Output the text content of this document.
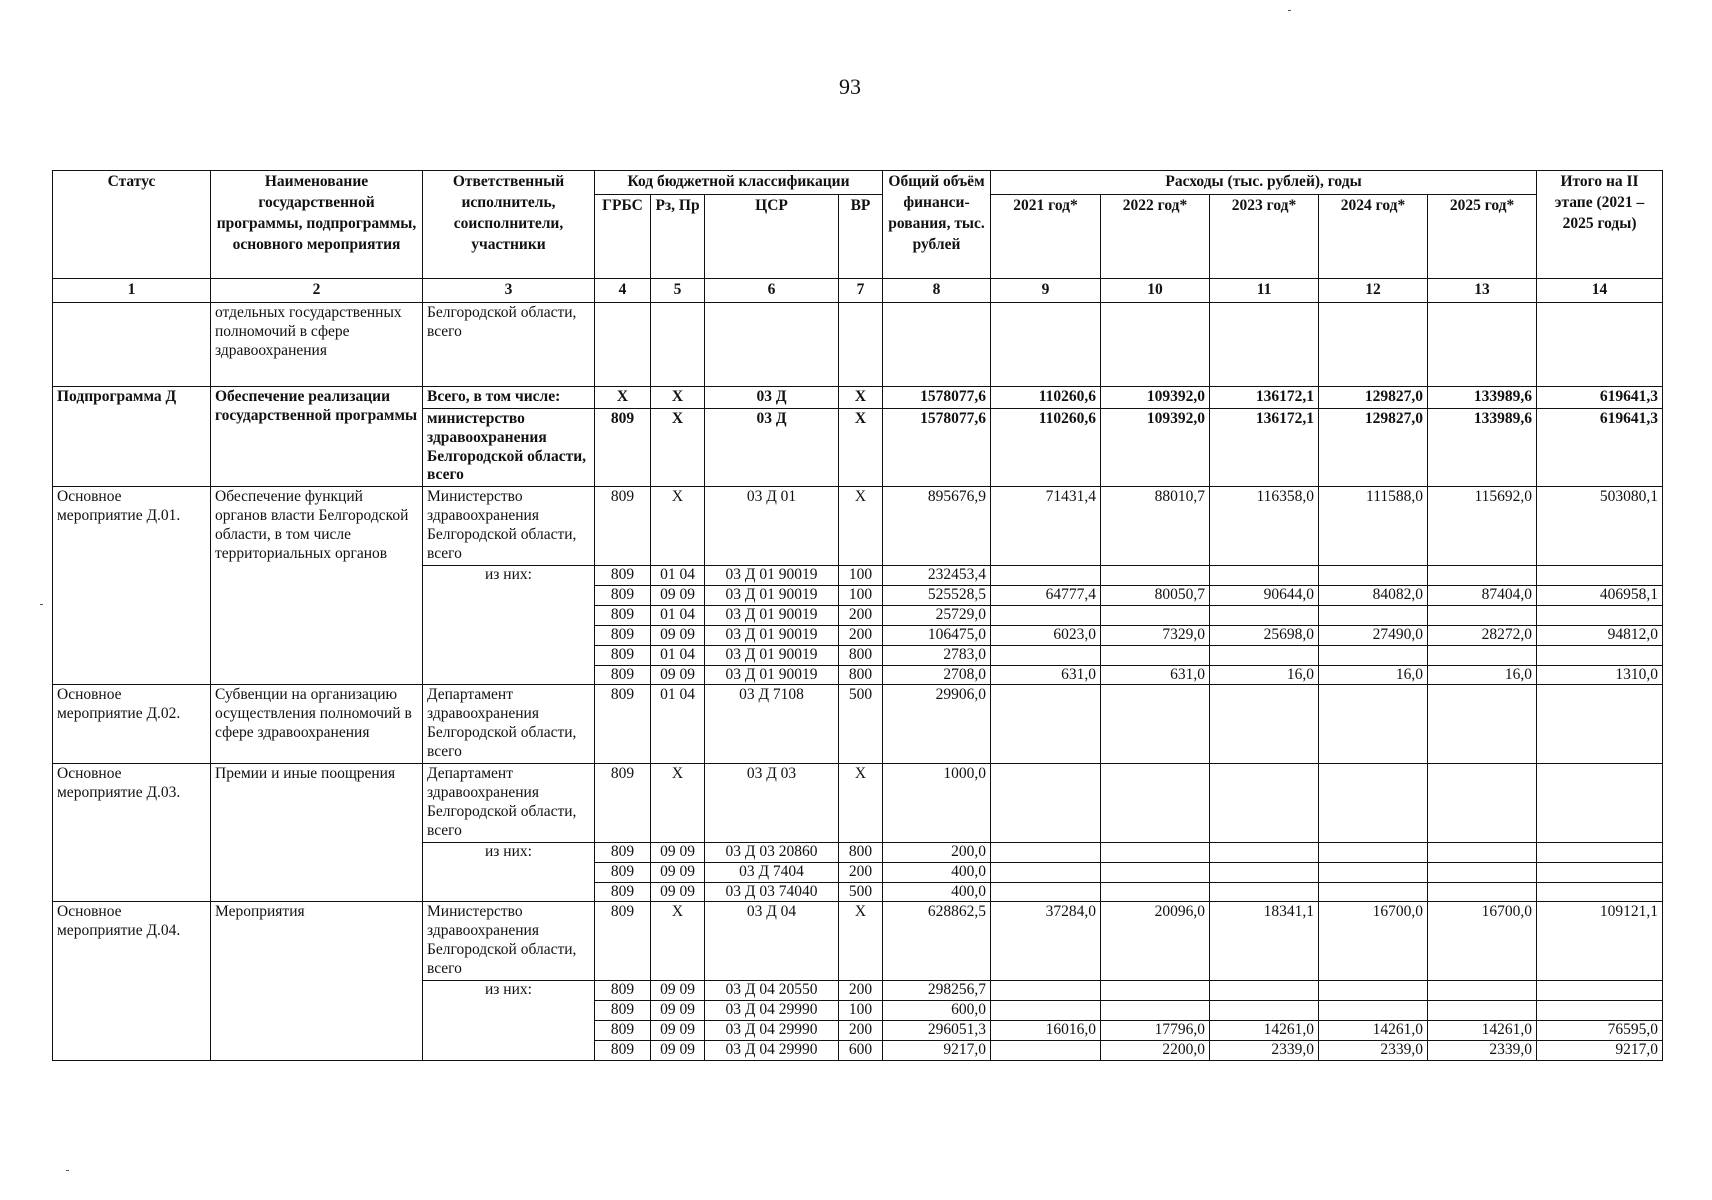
93
Статус	Наименование государственной программы, подпрограммы, основного мероприятия	Ответственный исполнитель, соисполнители, участники	Код бюджетной классификации				Общий объём финанси-рования, тыс. рублей	Расходы (тыс. рублей), годы					Итого на II этапе (2021 – 2025 годы)
			ГРБС	Рз, Пр	ЦСР	ВР		2021 год*	2022 год*	2023 год*	2024 год*	2025 год*	
1	2	3	4	5	6	7	8	9	10	11	12	13	14
	отдельных государственных полномочий в сфере здравоохранения	Белгородской области, всего											
Подпрограмма Д	Обеспечение реализации государственной программы	Всего, в том числе:	Х	Х	03 Д	Х	1578077,6	110260,6	109392,0	136172,1	129827,0	133989,6	619641,3
		министерство здравоохранения Белгородской области, всего	809	Х	03 Д	Х	1578077,6	110260,6	109392,0	136172,1	129827,0	133989,6	619641,3
Основное мероприятие Д.01.	Обеспечение функций органов власти Белгородской области, в том числе территориальных органов	Министерство здравоохранения Белгородской области, всего	809	Х	03 Д 01	Х	895676,9	71431,4	88010,7	116358,0	111588,0	115692,0	503080,1
		из них:	809	01 04	03 Д 01 90019	100	232453,4						
			809	09 09	03 Д 01 90019	100	525528,5	64777,4	80050,7	90644,0	84082,0	87404,0	406958,1
			809	01 04	03 Д 01 90019	200	25729,0						
			809	09 09	03 Д 01 90019	200	106475,0	6023,0	7329,0	25698,0	27490,0	28272,0	94812,0
			809	01 04	03 Д 01 90019	800	2783,0						
			809	09 09	03 Д 01 90019	800	2708,0	631,0	631,0	16,0	16,0	16,0	1310,0
Основное мероприятие Д.02.	Субвенции на организацию осуществления полномочий в сфере здравоохранения	Департамент здравоохранения Белгородской области, всего	809	01 04	03 Д 7108	500	29906,0						
Основное мероприятие Д.03.	Премии и иные поощрения	Департамент здравоохранения Белгородской области, всего	809	Х	03 Д 03	Х	1000,0						
		из них:	809	09 09	03 Д 03 20860	800	200,0						
			809	09 09	03 Д 7404	200	400,0						
			809	09 09	03 Д 03 74040	500	400,0						
Основное мероприятие Д.04.	Мероприятия	Министерство здравоохранения Белгородской области, всего	809	Х	03 Д 04	Х	628862,5	37284,0	20096,0	18341,1	16700,0	16700,0	109121,1
		из них:	809	09 09	03 Д 04 20550	200	298256,7						
			809	09 09	03 Д 04 29990	100	600,0						
			809	09 09	03 Д 04 29990	200	296051,3	16016,0	17796,0	14261,0	14261,0	14261,0	76595,0
			809	09 09	03 Д 04 29990	600	9217,0		2200,0	2339,0	2339,0	2339,0	9217,0
